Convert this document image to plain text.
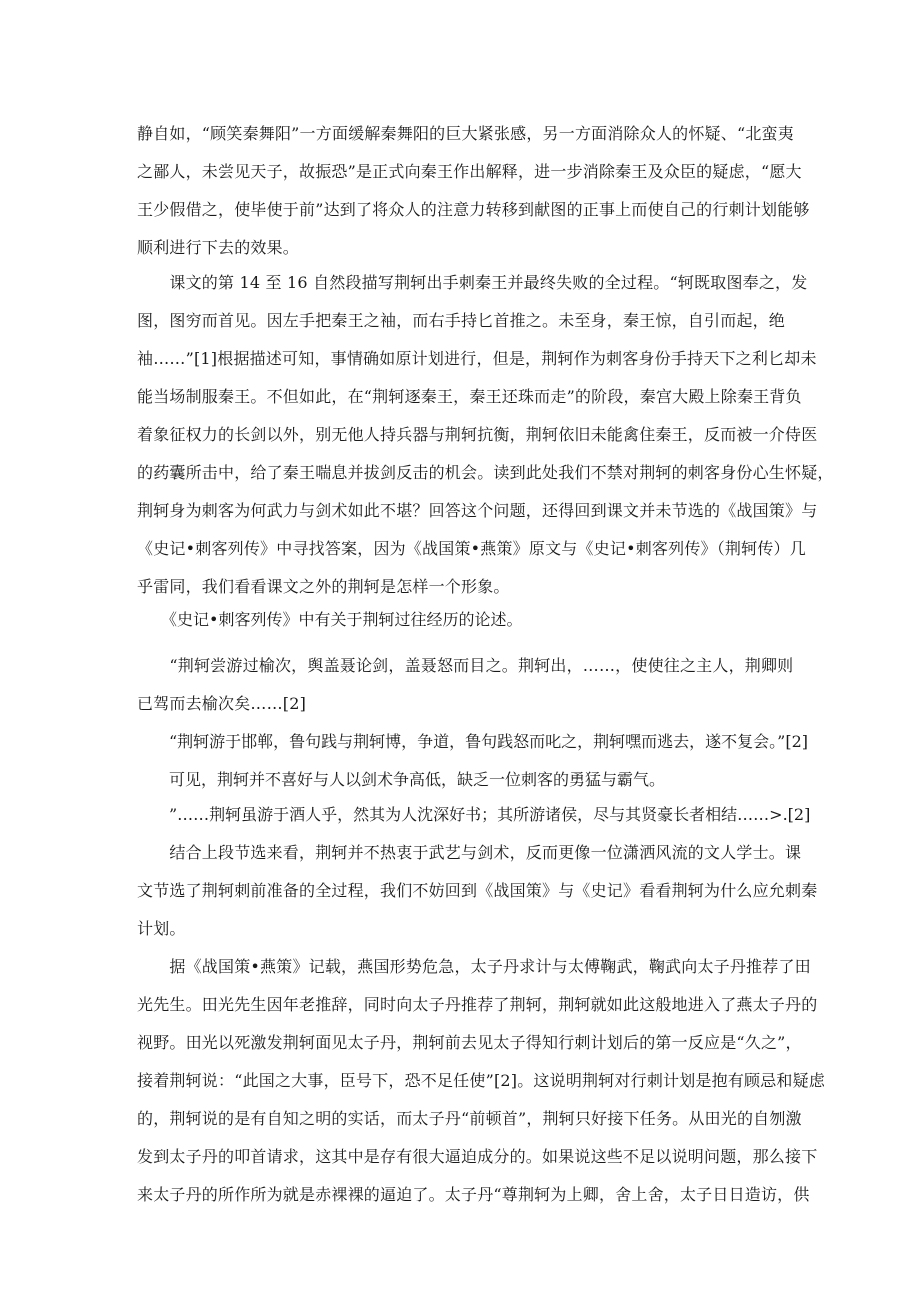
静自如，“顾笑秦舞阳”一方面缓解秦舞阳的巨大紧张感，另一方面消除众人的怀疑、“北蛮夷
之鄙人，未尝见天子，故振恐”是正式向秦王作出解释，进一步消除秦王及众臣的疑虑，“愿大
王少假借之，使毕使于前”达到了将众人的注意力转移到献图的正事上而使自己的行刺计划能够
顺利进行下去的效果。
　　课文的第 14 至 16 自然段描写荆轲出手刺秦王并最终失败的全过程。“轲既取图奉之，发
图，图穷而首见。因左手把秦王之袖，而右手持匕首推之。未至身，秦王惊，自引而起，绝
袖……”[1]根据描述可知，事情确如原计划进行，但是，荆轲作为刺客身份手持天下之利匕却未
能当场制服秦王。不但如此，在“荆轲逐秦王，秦王还珠而走”的阶段，秦宫大殿上除秦王背负
着象征权力的长剑以外，别无他人持兵器与荆轲抗衡，荆轲依旧未能禽住秦王，反而被一介侍医
的药囊所击中，给了秦王喘息并拔剑反击的机会。读到此处我们不禁对荆轲的刺客身份心生怀疑，
荆轲身为刺客为何武力与剑术如此不堪？回答这个问题，还得回到课文并未节选的《战国策》与
《史记•刺客列传》中寻找答案，因为《战国策•燕策》原文与《史记•刺客列传》（荆轲传）几
乎雷同，我们看看课文之外的荆轲是怎样一个形象。
　　《史记•刺客列传》中有关于荆轲过往经历的论述。
　　“荆轲尝游过榆次，舆盖聂论剑，盖聂怒而目之。荆轲出，……，使使往之主人，荆卿则
已驾而去榆次矣……[2]
　　“荆轲游于邯郸，鲁句践与荆轲博，争道，鲁句践怒而叱之，荆轲嘿而逃去，遂不复会。”[2]
　　可见，荆轲并不喜好与人以剑术争高低，缺乏一位刺客的勇猛与霸气。
　　”……荆轲虽游于酒人乎，然其为人沈深好书；其所游诸侯，尽与其贤豪长者相结……>.[2]
　　结合上段节选来看，荆轲并不热衷于武艺与剑术，反而更像一位潇洒风流的文人学士。课
文节选了荆轲刺前准备的全过程，我们不妨回到《战国策》与《史记》看看荆轲为什么应允刺秦
计划。
　　据《战国策•燕策》记载，燕国形势危急，太子丹求计与太傅鞠武，鞠武向太子丹推荐了田
光先生。田光先生因年老推辞，同时向太子丹推荐了荆轲，荆轲就如此这般地进入了燕太子丹的
视野。田光以死激发荆轲面见太子丹，荆轲前去见太子得知行刺计划后的第一反应是“久之”，
接着荆轲说：“此国之大事，臣号下，恐不足任使”[2]。这说明荆轲对行刺计划是抱有顾忌和疑虑
的，荆轲说的是有自知之明的实话，而太子丹“前顿首”，荆轲只好接下任务。从田光的自刎激
发到太子丹的叩首请求，这其中是存有很大逼迫成分的。如果说这些不足以说明问题，那么接下
来太子丹的所作所为就是赤裸裸的逼迫了。太子丹“尊荆轲为上卿，舍上舍，太子日日造访，供
